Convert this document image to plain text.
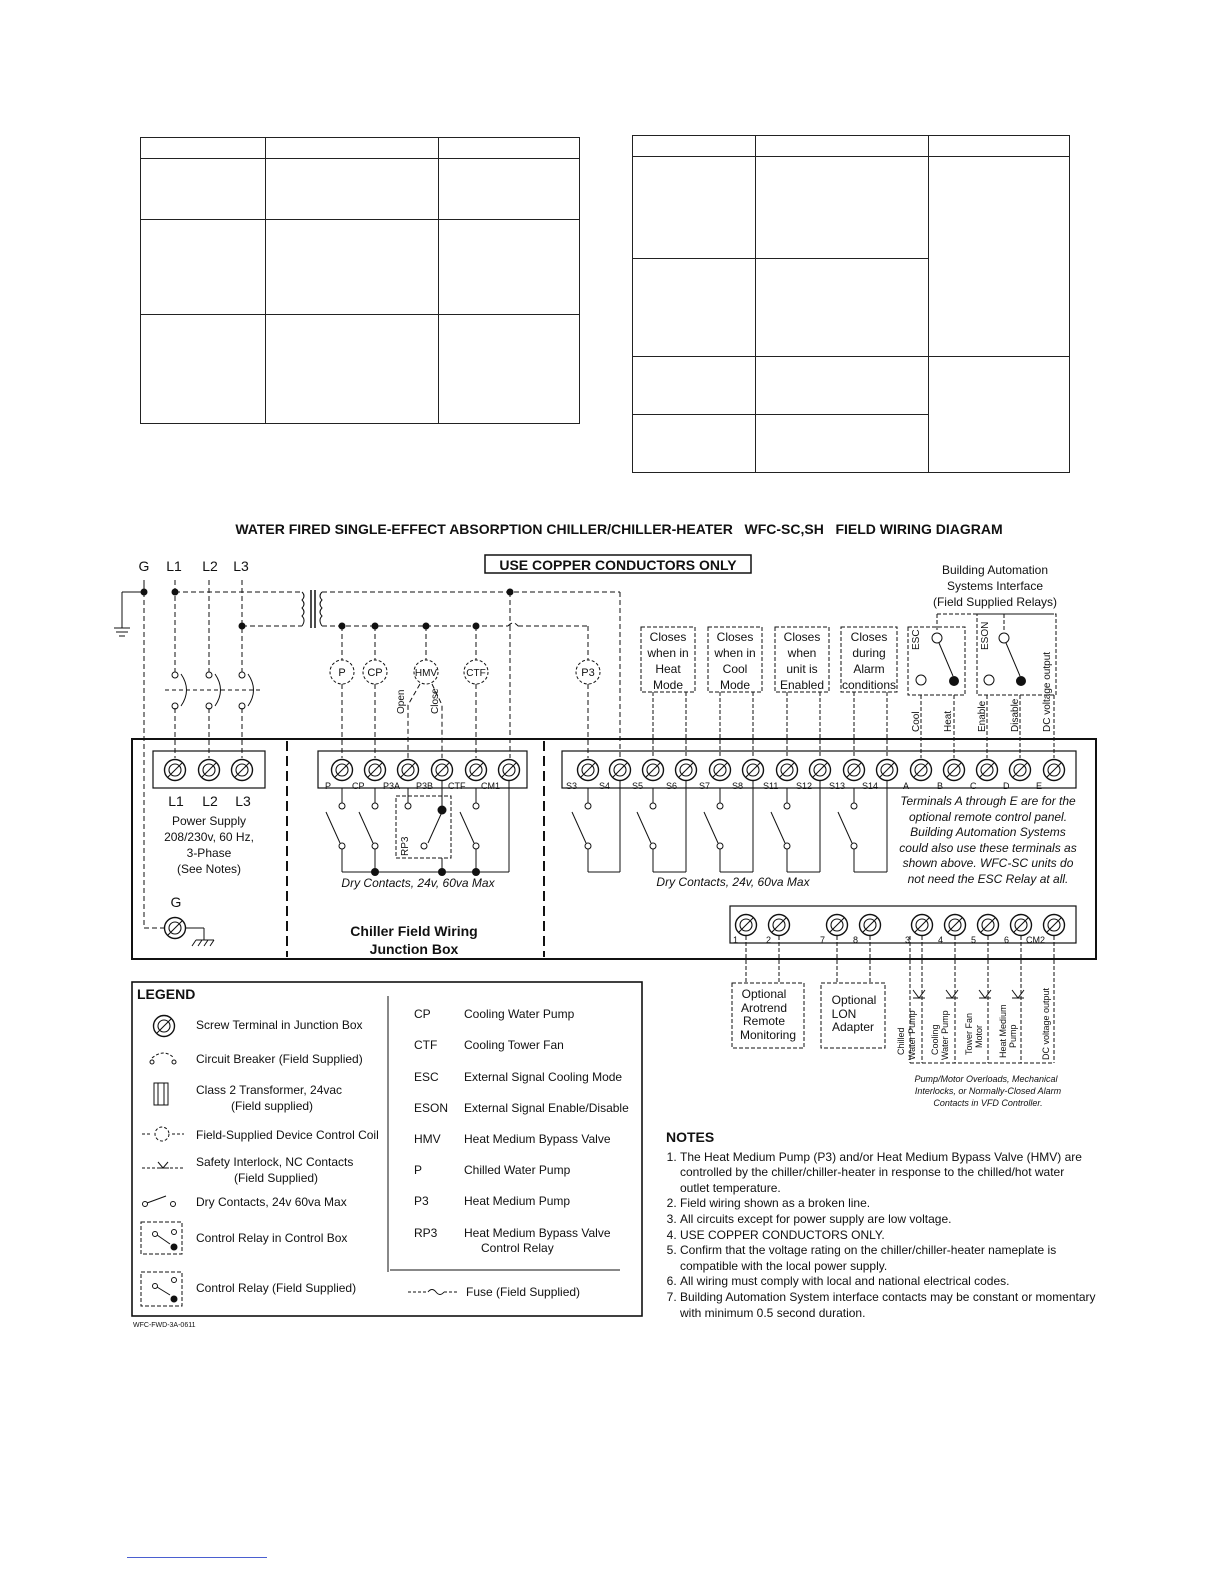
WATER FIRED SINGLE-EFFECT ABSORPTION CHILLER/CHILLER-HEATER   WFC-SC,SH   FIELD WIRING DIAGRAM
USE COPPER CONDUCTORS ONLY
G L1 L2 L3
P CP	HMV	CTF	P3
Open Close
Closes
when in
Heat
Mode
Closes
when in
Cool
Mode
Closes
when
unit is
Enabled
Closes
during
Alarm
conditions
Building Automation
Systems Interface
(Field Supplied Relays)
ESC	ESON
Cool Heat Enable Disable DC voltage output
L1 L2 L3
Power Supply
208/230v, 60 Hz,
3-Phase
(See Notes)
G
P CP P3A P3B CTF CM1
RP3
Dry Contacts, 24v, 60va Max
Chiller Field Wiring
Junction Box
S3 S4 S5	S6 S7 S8 S11 S12 S13 S14	A	B	C	D	E
Dry Contacts, 24v, 60va Max
Terminals A through E are for the
optional remote control panel.
Building Automation Systems
could also use these terminals as
shown above. WFC-SC units do
not need the ESC Relay at all.
1	2	7	8	3	4	5	6 CM2
Optional
Arotrend
Remote
Monitoring
Optional
LON
Adapter
Chilled Water Pump Cooling Water Pump Tower Fan Motor Heat Medium Pump	DC voltage output
Pump/Motor Overloads, Mechanical
Interlocks, or Normally-Closed Alarm
Contacts in VFD Controller.
LEGEND
Screw Terminal in Junction Box
Circuit Breaker (Field Supplied)
Class 2 Transformer, 24vac
(Field supplied)
Field-Supplied Device Control Coil
Safety Interlock, NC Contacts
(Field Supplied)
Dry Contacts, 24v 60va Max
Control Relay in Control Box
Control Relay (Field Supplied)
CP	Cooling Water Pump
CTF Cooling Tower Fan
ESC External Signal Cooling Mode
ESON External Signal Enable/Disable
HMV Heat Medium Bypass Valve
P	Chilled Water Pump
P3	Heat Medium Pump
RP3 Heat Medium Bypass Valve
Control Relay
Fuse (Field Supplied)
WFC-FWD-3A-0611
NOTES
1. The Heat Medium Pump (P3) and/or Heat Medium Bypass Valve (HMV) are controlled by the chiller/chiller-heater in response to the chilled/hot water outlet temperature.
2. Field wiring shown as a broken line.
3. All circuits except for power supply are low voltage.
4. USE COPPER CONDUCTORS ONLY.
5. Confirm that the voltage rating on the chiller/chiller-heater nameplate is compatible with the local power supply.
6. All wiring must comply with local and national electrical codes.
7. Building Automation System interface contacts may be constant or momentary with minimum 0.5 second duration.
